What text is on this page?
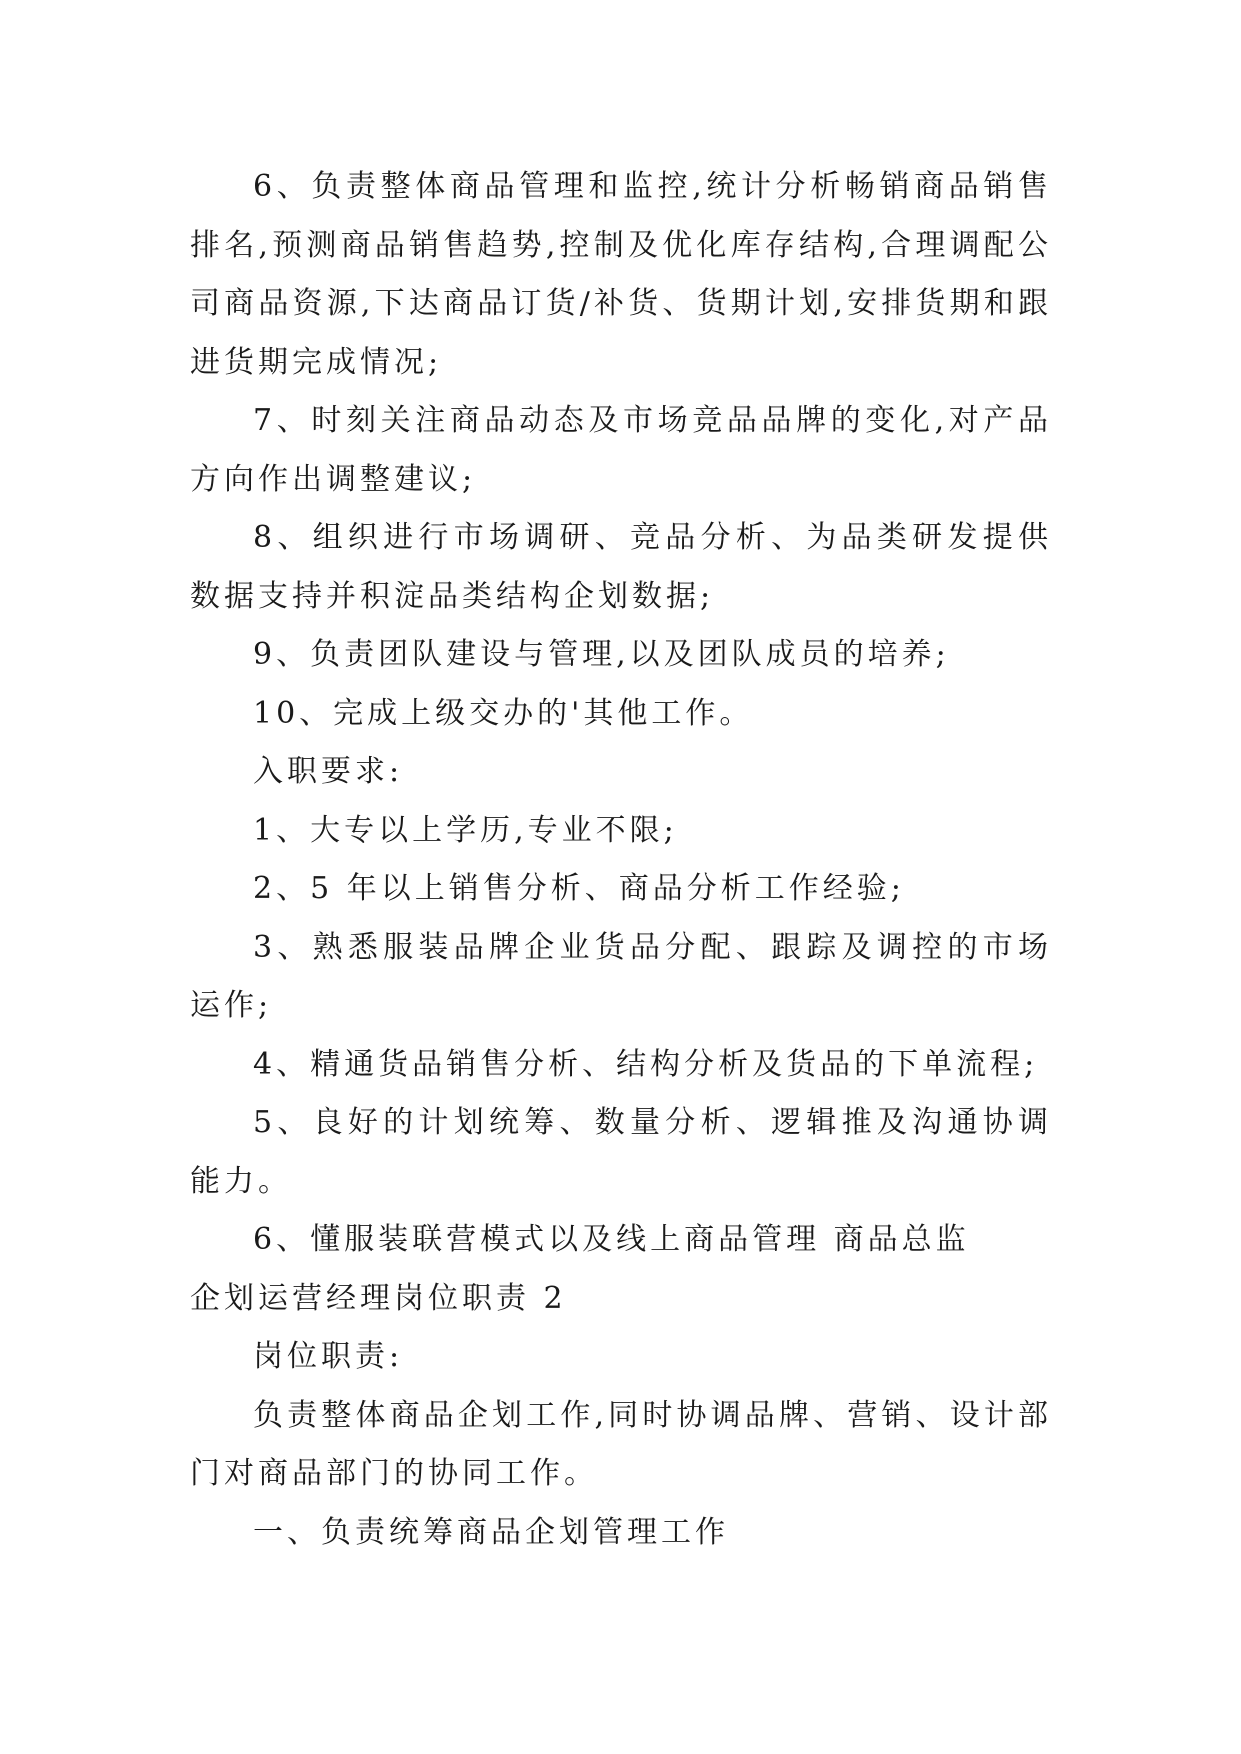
6、负责整体商品管理和监控,统计分析畅销商品销售排名,预测商品销售趋势,控制及优化库存结构,合理调配公司商品资源,下达商品订货/补货、货期计划,安排货期和跟进货期完成情况;

7、时刻关注商品动态及市场竞品品牌的变化,对产品方向作出调整建议;

8、组织进行市场调研、竞品分析、为品类研发提供数据支持并积淀品类结构企划数据;

9、负责团队建设与管理,以及团队成员的培养;

10、完成上级交办的'其他工作。

入职要求:

1、大专以上学历,专业不限;

2、5 年以上销售分析、商品分析工作经验;

3、熟悉服装品牌企业货品分配、跟踪及调控的市场运作;

4、精通货品销售分析、结构分析及货品的下单流程;

5、良好的计划统筹、数量分析、逻辑推及沟通协调能力。

6、懂服装联营模式以及线上商品管理 商品总监

企划运营经理岗位职责 2

岗位职责:

负责整体商品企划工作,同时协调品牌、营销、设计部门对商品部门的协同工作。

一、负责统筹商品企划管理工作
